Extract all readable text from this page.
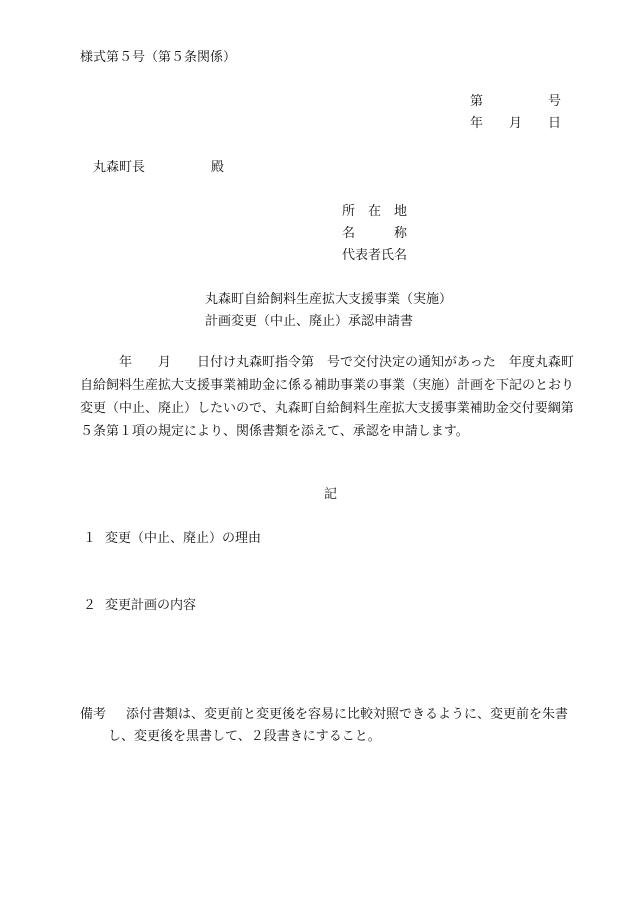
様式第５号（第５条関係）
第　　　　　号
年　　月　　日
丸森町長	殿
所　在　地
名　　　称
代表者氏名
丸森町自給飼料生産拡大支援事業（実施）
計画変更（中止、廃止）承認申請書
　　　年　　月　　日付け丸森町指令第　号で交付決定の通知があった　年度丸森町
自給飼料生産拡大支援事業補助金に係る補助事業の事業（実施）計画を下記のとおり
変更（中止、廃止）したいので、丸森町自給飼料生産拡大支援事業補助金交付要綱第
５条第１項の規定により、関係書類を添えて、承認を申請します。
記
１ 変更（中止、廃止）の理由
２ 変更計画の内容
備考 添付書類は、変更前と変更後を容易に比較対照できるように、変更前を朱書
し、変更後を黒書して、２段書きにすること。
